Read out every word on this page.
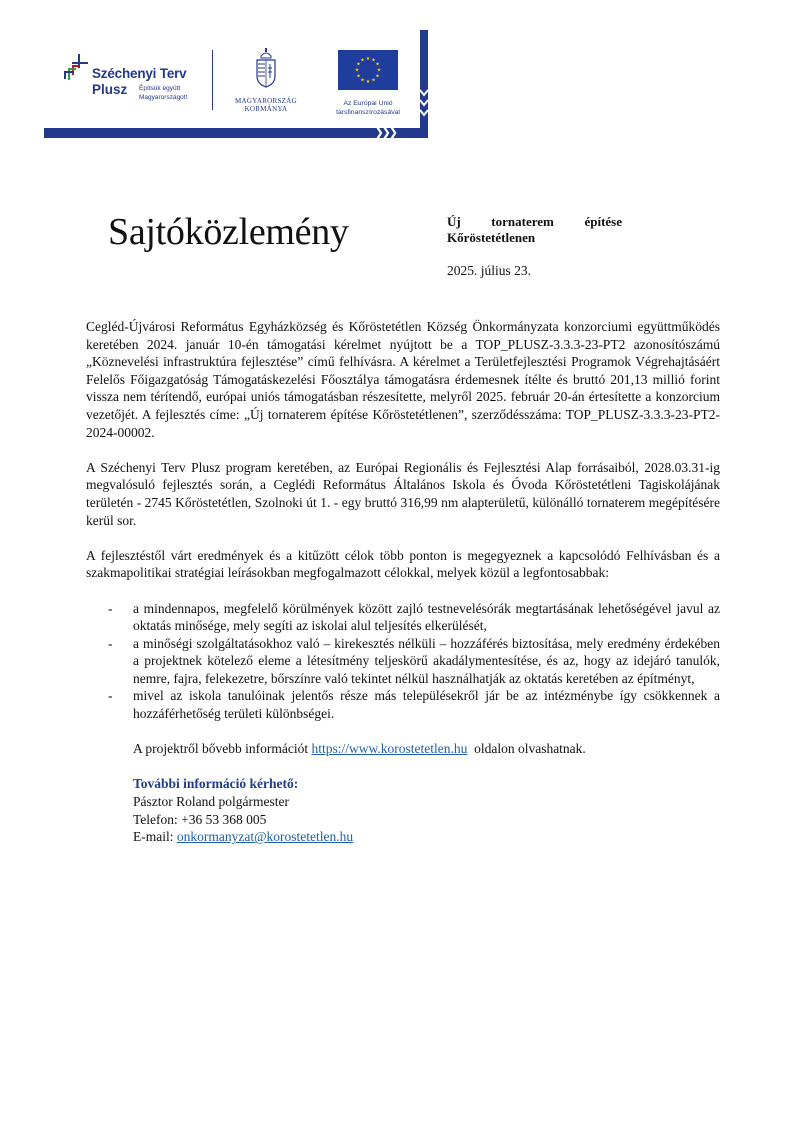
Széchenyi Terv
Plusz Építsük együtt
Magyarországot!	MAGYARORSZÁG
KORMÁNYA
★ ★
★
★
★
★
★
★
★
★
★
★
Az Európai Unió
társfinanszírozásával
❯❯❯
Sajtóközlemény	Új tornaterem építése
Kőröstetétlenen
2025. július 23.

Cegléd-Újvárosi Református Egyházközség és Kőröstetétlen Község Önkormányzata konzorciumi együttműködés keretében 2024. január 10-én támogatási kérelmet nyújtott be a TOP_PLUSZ-3.3.3-23-PT2 azonosítószámú „Köznevelési infrastruktúra fejlesztése” című felhívásra. A kérelmet a Területfejlesztési Programok Végrehajtásáért Felelős Főigazgatóság Támogatáskezelési Főosztálya támogatásra érdemesnek ítélte és bruttó 201,13 millió forint vissza nem térítendő, európai uniós támogatásban részesítette, melyről 2025. február 20-án értesítette a konzorcium vezetőjét. A fejlesztés címe: „Új tornaterem építése Kőröstetétlenen”, szerződésszáma: TOP_PLUSZ-3.3.3-23-PT2-2024-00002.

A Széchenyi Terv Plusz program keretében, az Európai Regionális és Fejlesztési Alap forrásaiból, 2028.03.31-ig megvalósuló fejlesztés során, a Ceglédi Református Általános Iskola és Óvoda Kőröstetétleni Tagiskolájának területén - 2745 Kőröstetétlen, Szolnoki út 1. - egy bruttó 316,99 nm alapterületű, különálló tornaterem megépítésére kerül sor.

A fejlesztéstől várt eredmények és a kitűzött célok több ponton is megegyeznek a kapcsolódó Felhívásban és a szakmapolitikai stratégiai leírásokban megfogalmazott célokkal, melyek közül a legfontosabbak:

- a mindennapos, megfelelő körülmények között zajló testnevelésórák megtartásának lehetőségével javul az oktatás minősége, mely segíti az iskolai alul teljesítés elkerülését,
- a minőségi szolgáltatásokhoz való – kirekesztés nélküli – hozzáférés biztosítása, mely eredmény érdekében a projektnek kötelező eleme a létesítmény teljeskörű akadálymentesítése, és az, hogy az idejáró tanulók, nemre, fajra, felekezetre, bőrszínre való tekintet nélkül használhatják az oktatás keretében az építményt,
- mivel az iskola tanulóinak jelentős része más településekről jár be az intézménybe így csökkennek a hozzáférhetőség területi különbségei.
A projektről bővebb információt https://www.korostetetlen.hu  oldalon olvashatnak.
További információ kérhető:
Pásztor Roland polgármester
Telefon: +36 53 368 005
E-mail: onkormanyzat@korostetetlen.hu
